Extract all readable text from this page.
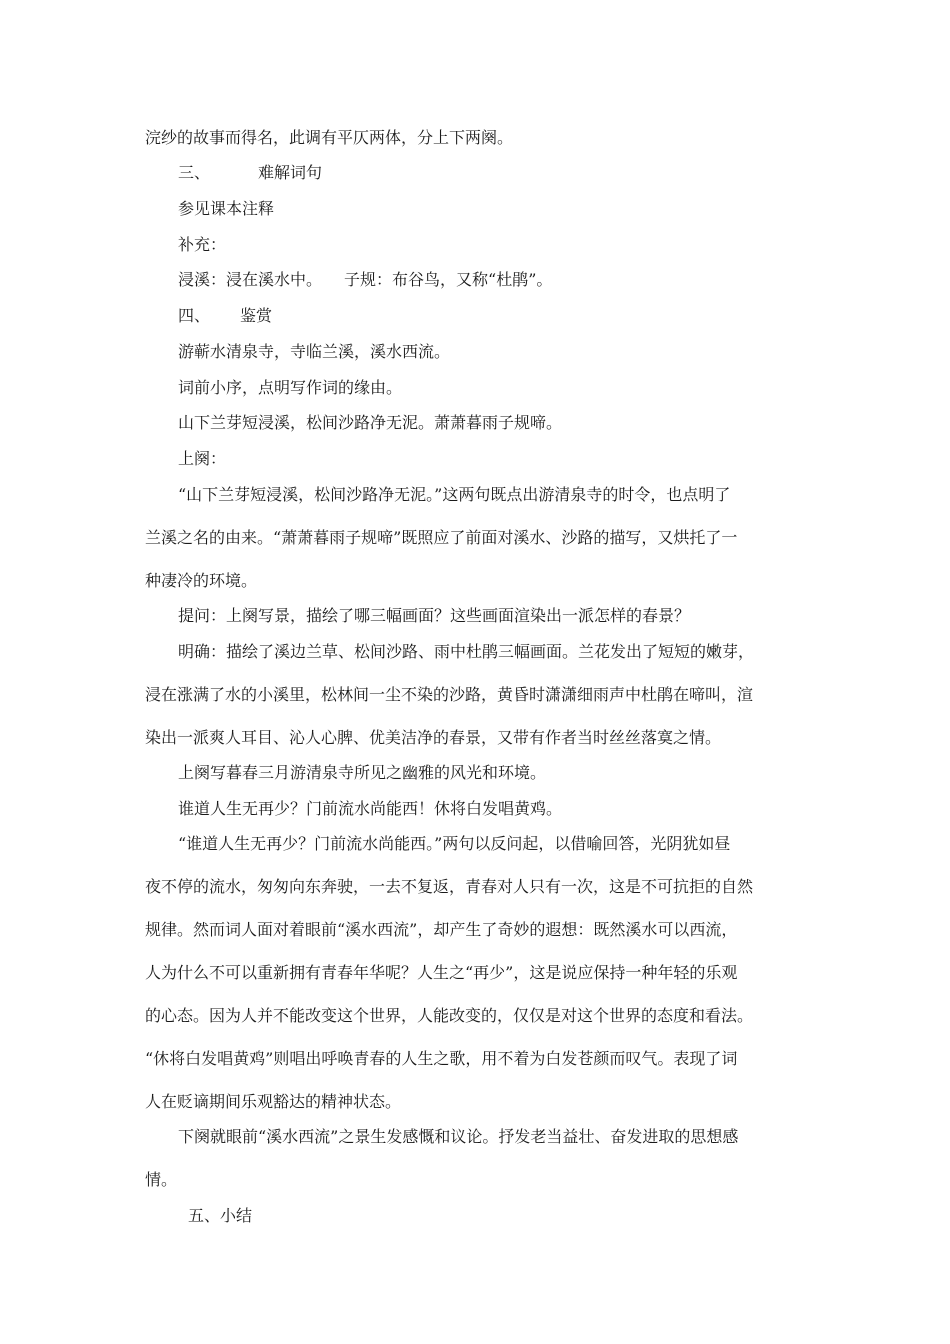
浣纱的故事而得名，此调有平仄两体，分上下两阕。
三、	难解词句
参见课本注释
补充：
浸溪：浸在溪水中。 子规：布谷鸟，又称“杜鹃”。
四、 鉴赏
游蕲水清泉寺，寺临兰溪，溪水西流。
词前小序，点明写作词的缘由。
山下兰芽短浸溪，松间沙路净无泥。萧萧暮雨子规啼。
上阕：
“山下兰芽短浸溪，松间沙路净无泥。”这两句既点出游清泉寺的时令，也点明了
兰溪之名的由来。“萧萧暮雨子规啼”既照应了前面对溪水、沙路的描写，又烘托了一
种凄冷的环境。
提问：上阕写景，描绘了哪三幅画面？这些画面渲染出一派怎样的春景？
明确：描绘了溪边兰草、松间沙路、雨中杜鹃三幅画面。兰花发出了短短的嫩芽，
浸在涨满了水的小溪里，松林间一尘不染的沙路，黄昏时潇潇细雨声中杜鹃在啼叫，渲
染出一派爽人耳目、沁人心脾、优美洁净的春景，又带有作者当时丝丝落寞之情。
上阕写暮春三月游清泉寺所见之幽雅的风光和环境。
谁道人生无再少？门前流水尚能西！休将白发唱黄鸡。
“谁道人生无再少？门前流水尚能西。”两句以反问起，以借喻回答，光阴犹如昼
夜不停的流水，匆匆向东奔驶，一去不复返，青春对人只有一次，这是不可抗拒的自然
规律。然而词人面对着眼前“溪水西流”，却产生了奇妙的遐想：既然溪水可以西流，
人为什么不可以重新拥有青春年华呢？人生之“再少”，这是说应保持一种年轻的乐观
的心态。因为人并不能改变这个世界，人能改变的，仅仅是对这个世界的态度和看法。
“休将白发唱黄鸡”则唱出呼唤青春的人生之歌，用不着为白发苍颜而叹气。表现了词
人在贬谪期间乐观豁达的精神状态。
下阕就眼前“溪水西流”之景生发感慨和议论。抒发老当益壮、奋发进取的思想感
情。
五、小结
